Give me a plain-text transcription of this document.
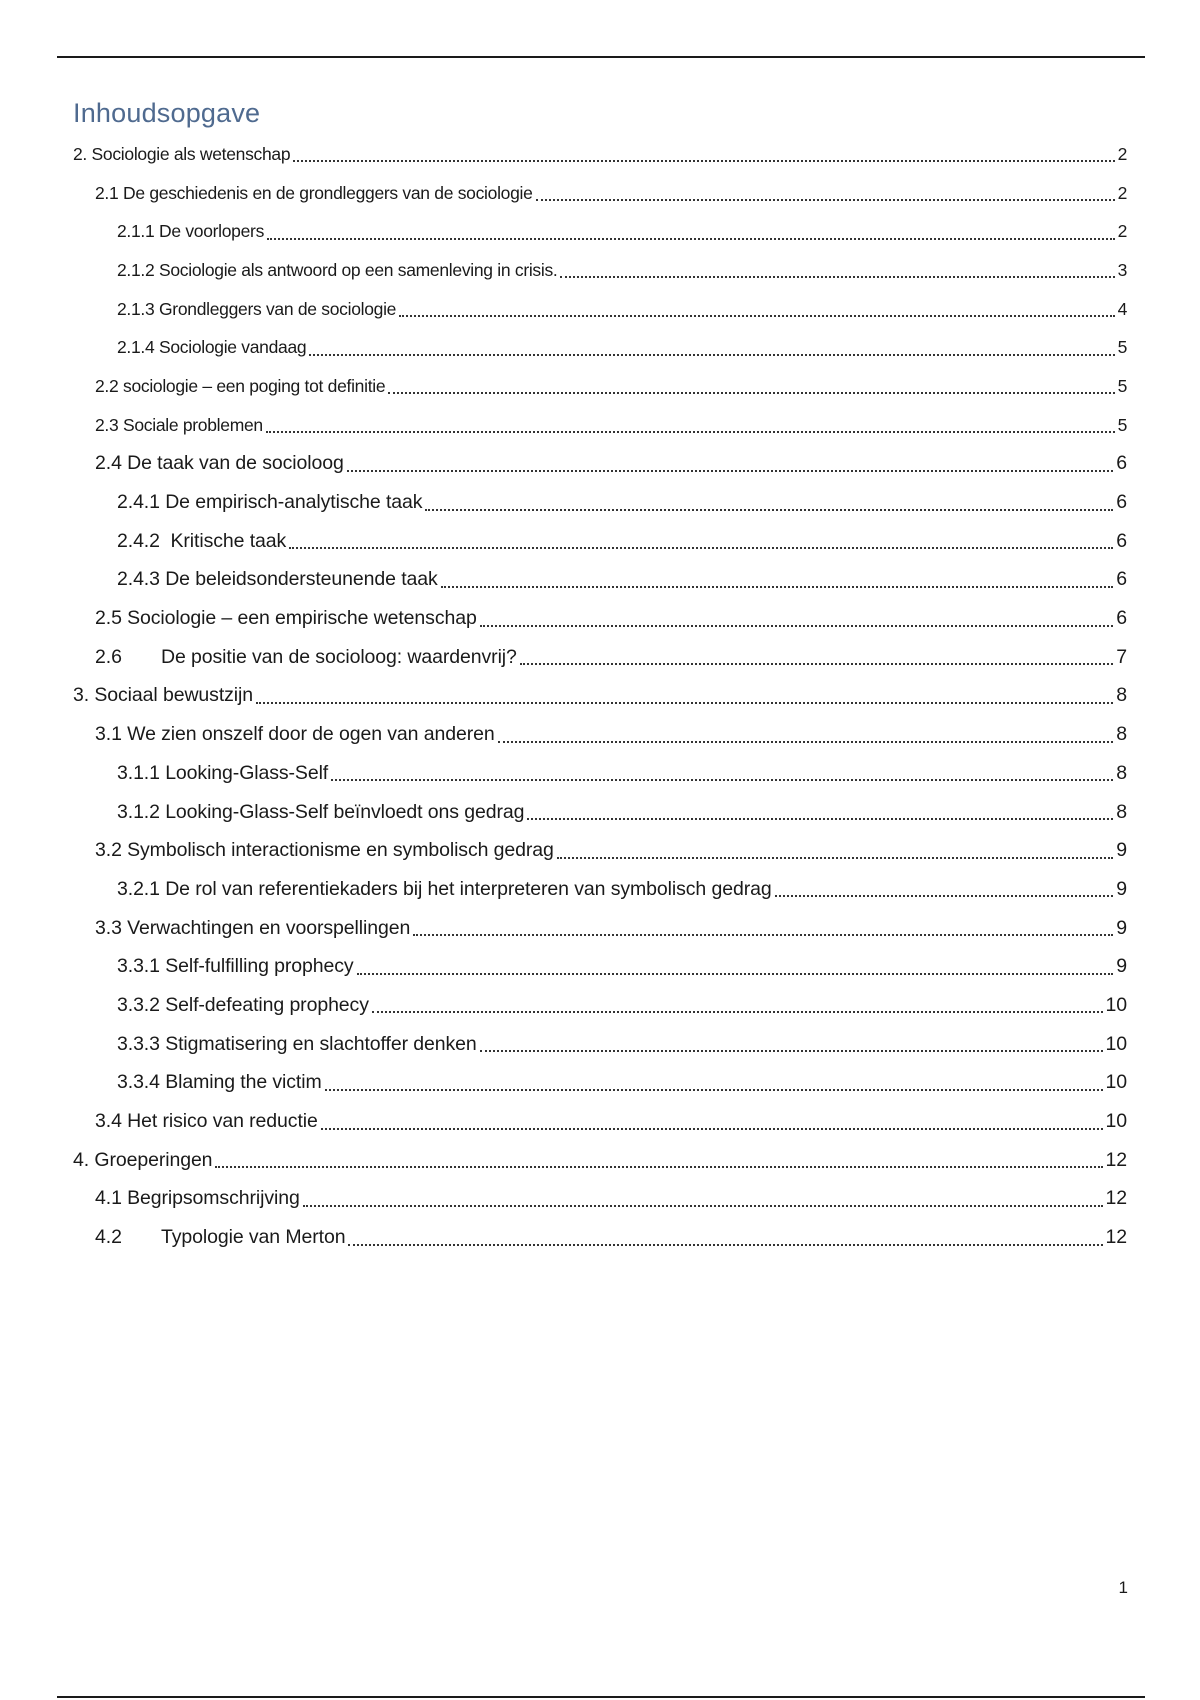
Inhoudsopgave
2. Sociologie als wetenschap	2
2.1 De geschiedenis en de grondleggers van de sociologie	2
2.1.1 De voorlopers	2
2.1.2 Sociologie als antwoord op een samenleving in crisis.	3
2.1.3 Grondleggers van de sociologie	4
2.1.4 Sociologie vandaag	5
2.2 sociologie – een poging tot definitie	5
2.3 Sociale problemen	5
2.4 De taak van de socioloog	6
2.4.1 De empirisch-analytische taak	6
2.4.2  Kritische taak	6
2.4.3 De beleidsondersteunende taak	6
2.5 Sociologie – een empirische wetenschap	6
2.6	De positie van de socioloog: waardenvrij?	7
3. Sociaal bewustzijn	8
3.1 We zien onszelf door de ogen van anderen	8
3.1.1 Looking-Glass-Self	8
3.1.2 Looking-Glass-Self beïnvloedt ons gedrag	8
3.2 Symbolisch interactionisme en symbolisch gedrag	9
3.2.1 De rol van referentiekaders bij het interpreteren van symbolisch gedrag	9
3.3 Verwachtingen en voorspellingen	9
3.3.1 Self-fulfilling prophecy	9
3.3.2 Self-defeating prophecy	10
3.3.3 Stigmatisering en slachtoffer denken	10
3.3.4 Blaming the victim	10
3.4 Het risico van reductie	10
4. Groeperingen	12
4.1 Begripsomschrijving	12
4.2	Typologie van Merton	12
1
